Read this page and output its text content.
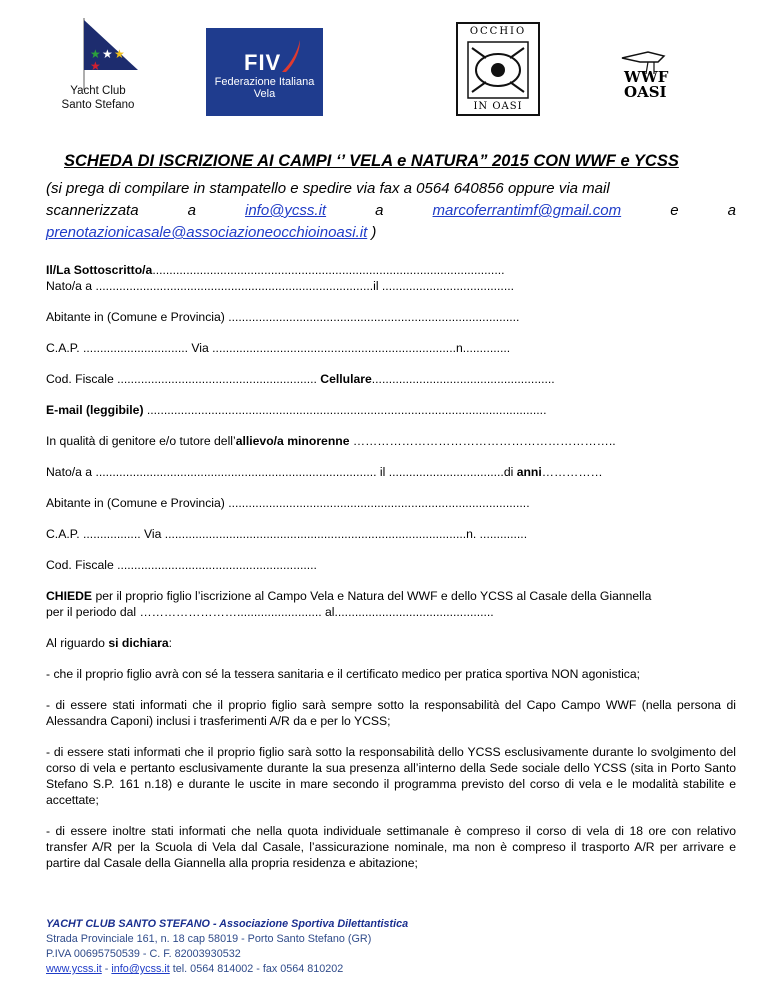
★ ★ ★
★
Yacht Club
Santo Stefano
FIV
Federazione Italiana Vela
OCCHIO
IN OASI
WWF
OASI
SCHEDA DI ISCRIZIONE AI CAMPI ‘’ VELA e NATURA” 2015 CON WWF e YCSS
(si prega di compilare in stampatello e spedire via fax a 0564 640856 oppure via mail
scannerizzata	a	info@ycss.it	a	marcoferrantimf@gmail.com	e	a
prenotazionicasale@associazioneocchioinoasi.it )

Il/La Sottoscritto/a........................................................................................................

Nato/a a ..................................................................................il .......................................

Abitante in (Comune e Provincia) ......................................................................................

C.A.P. ............................... Via ........................................................................n..............

Cod. Fiscale ........................................................... Cellulare......................................................

E-mail (leggibile) ......................................................................................................................

In qualità di genitore e/o tutore dell’allievo/a minorenne ………………………………………………………..

Nato/a a ................................................................................... il ..................................di anni……………

Abitante in (Comune e Provincia) .........................................................................................

C.A.P. ................. Via .........................................................................................n. ..............

Cod. Fiscale ...........................................................

CHIEDE per il proprio figlio l’iscrizione al Campo Vela e Natura del WWF e dello YCSS al Casale della Giannella

per il periodo dal ……………………......................... al...............................................

Al riguardo si dichiara:

- che il proprio figlio avrà con sé la tessera sanitaria e il certificato medico per pratica sportiva NON agonistica;

- di essere stati informati che il proprio figlio sarà sempre sotto la responsabilità del Capo Campo WWF (nella persona di Alessandra Caponi) inclusi i trasferimenti A/R da e per lo YCSS;

- di essere stati informati che il proprio figlio sarà sotto la responsabilità dello YCSS esclusivamente durante lo svolgimento del corso di vela e pertanto esclusivamente durante la sua presenza all’interno della Sede sociale dello YCSS (sita in Porto Santo Stefano S.P. 161 n.18) e durante le uscite in mare secondo il programma previsto del corso di vela e le modalità stabilite e accettate;

- di essere inoltre stati informati che nella quota individuale settimanale è compreso il corso di vela di 18 ore con relativo transfer A/R per la Scuola di Vela dal Casale, l’assicurazione nominale, ma non è compreso il trasporto A/R per arrivare e partire dal Casale della Giannella alla propria residenza e abitazione;

YACHT CLUB SANTO STEFANO - Associazione Sportiva Dilettantistica
Strada Provinciale 161, n. 18 cap 58019 - Porto Santo Stefano (GR)
P.IVA 00695750539 - C. F. 82003930532
www.ycss.it - info@ycss.it tel. 0564 814002 - fax 0564 810202
